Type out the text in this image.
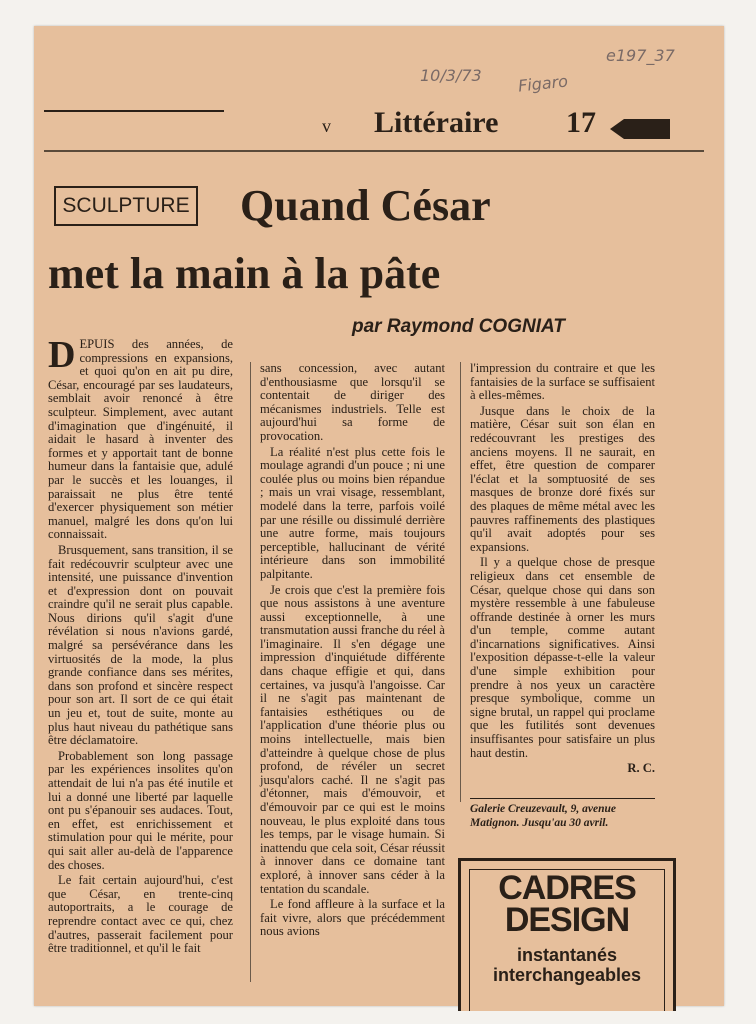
10/3/73 Figaro
e197_37
v Littéraire 17
SCULPTURE Quand César
met la main à la pâte
par Raymond COGNIAT

DEPUIS des années, de compressions en expansions, et quoi qu'on en ait pu dire, César, encouragé par ses laudateurs, semblait avoir renoncé à être sculpteur. Simplement, avec autant d'imagination que d'ingénuité, il aidait le hasard à inventer des formes et y apportait tant de bonne humeur dans la fantaisie que, adulé par le succès et les louanges, il paraissait ne plus être tenté d'exercer physiquement son métier manuel, malgré les dons qu'on lui connaissait.

Brusquement, sans transition, il se fait redécouvrir sculpteur avec une intensité, une puissance d'invention et d'expression dont on pouvait craindre qu'il ne serait plus capable. Nous dirions qu'il s'agit d'une révélation si nous n'avions gardé, malgré sa persévérance dans les virtuosités de la mode, la plus grande confiance dans ses mérites, dans son profond et sincère respect pour son art. Il sort de ce qui était un jeu et, tout de suite, monte au plus haut niveau du pathétique sans être déclamatoire.

Probablement son long passage par les expériences insolites qu'on attendait de lui n'a pas été inutile et lui a donné une liberté par laquelle ont pu s'épanouir ses audaces. Tout, en effet, est enrichissement et stimulation pour qui le mérite, pour qui sait aller au-delà de l'apparence des choses.

Le fait certain aujourd'hui, c'est que César, en trente-cinq autoportraits, a le courage de reprendre contact avec ce qui, chez d'autres, passerait facilement pour être traditionnel, et qu'il le fait

sans concession, avec autant d'enthousiasme que lorsqu'il se contentait de diriger des mécanismes industriels. Telle est aujourd'hui sa forme de provocation.

La réalité n'est plus cette fois le moulage agrandi d'un pouce ; ni une coulée plus ou moins bien répandue ; mais un vrai visage, ressemblant, modelé dans la terre, parfois voilé par une résille ou dissimulé derrière une autre forme, mais toujours perceptible, hallucinant de vérité intérieure dans son immobilité palpitante.

Je crois que c'est la première fois que nous assistons à une aventure aussi exceptionnelle, à une transmutation aussi franche du réel à l'imaginaire. Il s'en dégage une impression d'inquiétude différente dans chaque effigie et qui, dans certaines, va jusqu'à l'angoisse. Car il ne s'agit pas maintenant de fantaisies esthétiques ou de l'application d'une théorie plus ou moins intellectuelle, mais bien d'atteindre à quelque chose de plus profond, de révéler un secret jusqu'alors caché. Il ne s'agit pas d'étonner, mais d'émouvoir, et d'émouvoir par ce qui est le moins nouveau, le plus exploité dans tous les temps, par le visage humain. Si inattendu que cela soit, César réussit à innover dans ce domaine tant exploré, à innover sans céder à la tentation du scandale.

Le fond affleure à la surface et la fait vivre, alors que précédemment nous avions

l'impression du contraire et que les fantaisies de la surface se suffisaient à elles-mêmes.

Jusque dans le choix de la matière, César suit son élan en redécouvrant les prestiges des anciens moyens. Il ne saurait, en effet, être question de comparer l'éclat et la somptuosité de ses masques de bronze doré fixés sur des plaques de même métal avec les pauvres raffinements des plastiques qu'il avait adoptés pour ses expansions.

Il y a quelque chose de presque religieux dans cet ensemble de César, quelque chose qui dans son mystère ressemble à une fabuleuse offrande destinée à orner les murs d'un temple, comme autant d'incarnations significatives. Ainsi l'exposition dépasse-t-elle la valeur d'une simple exhibition pour prendre à nos yeux un caractère presque symbolique, comme un signe brutal, un rappel qui proclame que les futilités sont devenues insuffisantes pour satisfaire un plus haut destin.

R. C.

Galerie Creuzevault, 9, avenue Matignon. Jusqu'au 30 avril.
CADRES
DESIGN
instantanés
interchangeables
